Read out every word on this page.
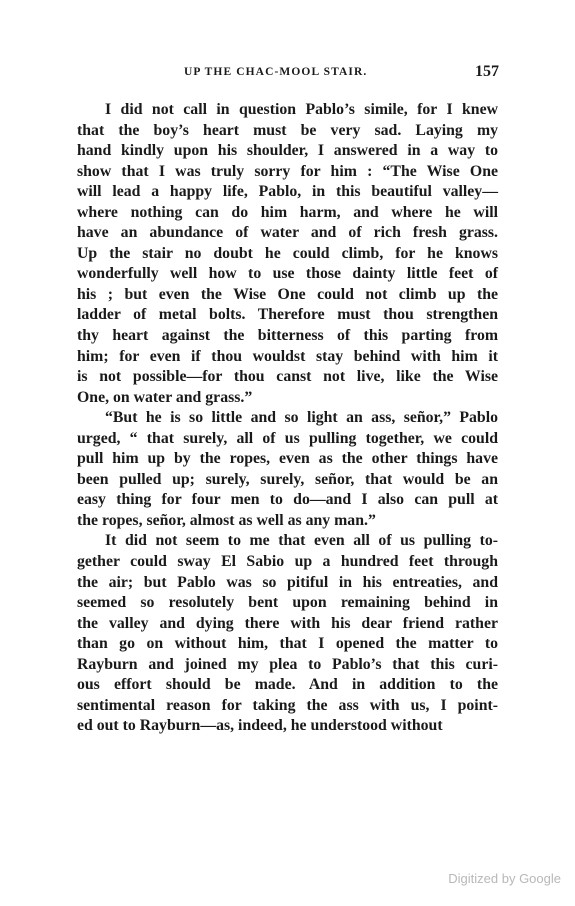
UP THE CHAC-MOOL STAIR.	157
I did not call in question Pablo’s simile, for I knew
that the boy’s heart must be very sad. Laying my
hand kindly upon his shoulder, I answered in a way to
show that I was truly sorry for him : “The Wise One
will lead a happy life, Pablo, in this beautiful valley—
where nothing can do him harm, and where he will
have an abundance of water and of rich fresh grass.
Up the stair no doubt he could climb, for he knows
wonderfully well how to use those dainty little feet of
his ; but even the Wise One could not climb up the
ladder of metal bolts. Therefore must thou strengthen
thy heart against the bitterness of this parting from
him; for even if thou wouldst stay behind with him it
is not possible—for thou canst not live, like the Wise
One, on water and grass.”
“But he is so little and so light an ass, señor,” Pablo
urged, “ that surely, all of us pulling together, we could
pull him up by the ropes, even as the other things have
been pulled up; surely, surely, señor, that would be an
easy thing for four men to do—and I also can pull at
the ropes, señor, almost as well as any man.”
It did not seem to me that even all of us pulling to-
gether could sway El Sabio up a hundred feet through
the air; but Pablo was so pitiful in his entreaties, and
seemed so resolutely bent upon remaining behind in
the valley and dying there with his dear friend rather
than go on without him, that I opened the matter to
Rayburn and joined my plea to Pablo’s that this curi-
ous effort should be made. And in addition to the
sentimental reason for taking the ass with us, I point-
ed out to Rayburn—as, indeed, he understood without
Digitized by Google
